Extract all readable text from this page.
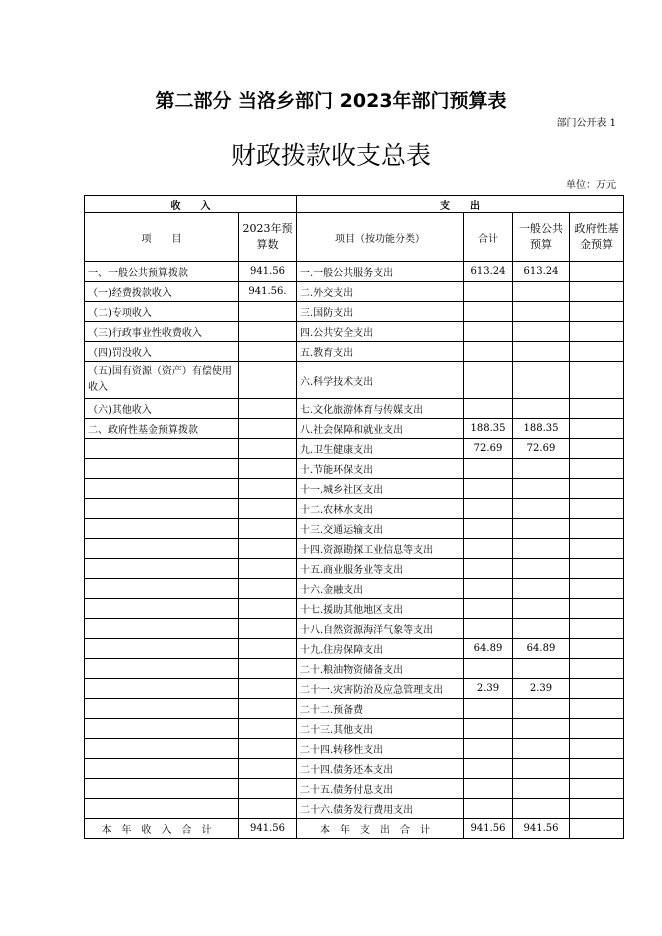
第二部分 当洛乡部门 2023年部门预算表
部门公开表 1
财政拨款收支总表
单位：万元
收　　入		支　　出			
项　　目	2023年预算数	项目（按功能分类）	合计	一般公共预算	政府性基金预算
一、一般公共预算拨款	941.56	一.一般公共服务支出	613.24	613.24	
（一)经费拨款收入	941.56.	二.外交支出			
（二)专项收入		三.国防支出			
（三)行政事业性收费收入		四.公共安全支出			
（四)罚没收入		五.教育支出			
（五)国有资源（资产）有偿使用收入		六.科学技术支出			
（六)其他收入		七.文化旅游体育与传媒支出			
二、政府性基金预算拨款		八.社会保障和就业支出	188.35	188.35	
		九.卫生健康支出	72.69	72.69	
		十.节能环保支出			
		十一.城乡社区支出			
		十二.农林水支出			
		十三.交通运输支出			
		十四.资源勘探工业信息等支出			
		十五.商业服务业等支出			
		十六.金融支出			
		十七.援助其他地区支出			
		十八.自然资源海洋气象等支出			
		十九.住房保障支出	64.89	64.89	
		二十.粮油物资储备支出			
		二十一.灾害防治及应急管理支出	2.39	2.39	
		二十二.预备费			
		二十三.其他支出			
		二十四.转移性支出			
		二十四.债务还本支出			
		二十五.债务付息支出			
		二十六.债务发行费用支出			
本年收入合计	941.56	本年支出合计	941.56	941.56	
